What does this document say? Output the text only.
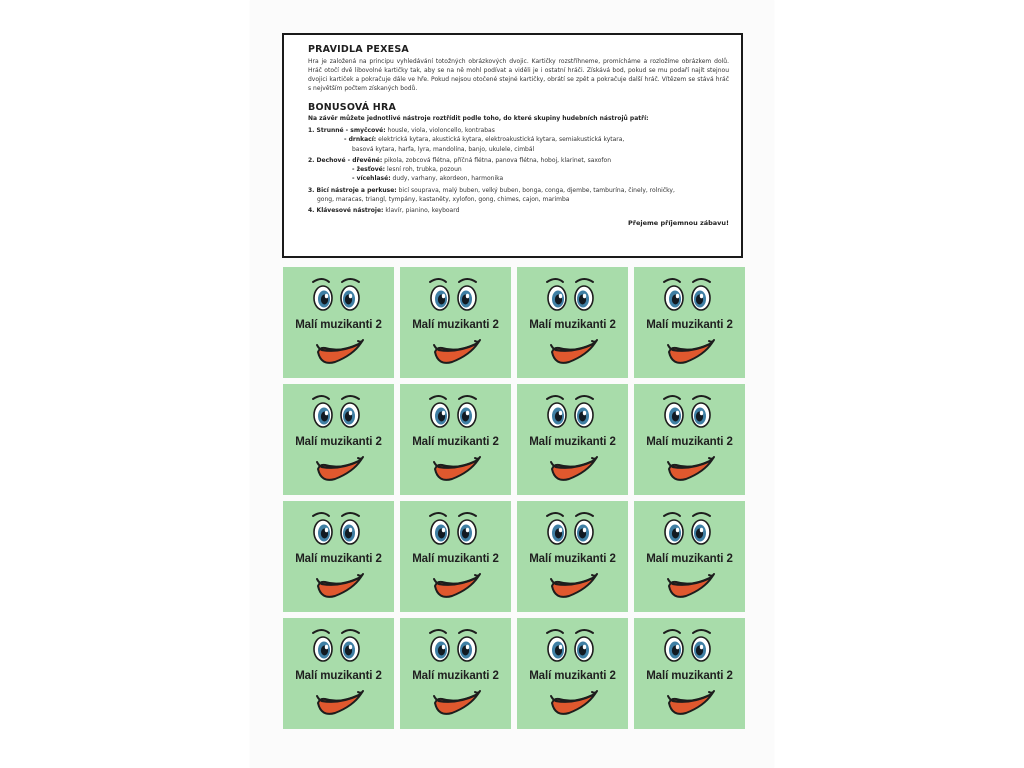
PRAVIDLA PEXESA

Hra je založená na principu vyhledávání totožných obrázkových dvojic. Kartičky rozstříhneme, promícháme a rozložíme obrázkem dolů. Hráč otočí dvě libovolné kartičky tak, aby se na ně mohl podívat a viděli je i ostatní hráči. Získává bod, pokud se mu podaří najít stejnou dvojici kartiček a pokračuje dále ve hře. Pokud nejsou otočené stejné kartičky, obrátí se zpět a pokračuje další hráč. Vítězem se stává hráč s největším počtem získaných bodů.

BONUSOVÁ HRA
Na závěr můžete jednotlivé nástroje roztřídit podle toho, do které skupiny hudebních nástrojů patří:
1. Strunné - smyčcové: housle, viola, violoncello, kontrabas
- drnkací: elektrická kytara, akustická kytara, elektroakustická kytara, semiakustická kytara,
basová kytara, harfa, lyra, mandolína, banjo, ukulele, cimbál
2. Dechové - dřevěné: pikola, zobcová flétna, příčná flétna, panova flétna, hoboj, klarinet, saxofon
- žesťové: lesní roh, trubka, pozoun
- vícehlasé: dudy, varhany, akordeon, harmonika
3. Bicí nástroje a perkuse: bicí souprava, malý buben, velký buben, bonga, conga, djembe, tamburína, činely, rolničky,
gong, maracas, triangl, tympány, kastaněty, xylofon, gong, chimes, cajon, marimba
4. Klávesové nástroje: klavír, pianino, keyboard
Přejeme příjemnou zábavu!
Malí muzikanti 2	Malí muzikanti 2	Malí muzikanti 2	Malí muzikanti 2
Malí muzikanti 2	Malí muzikanti 2	Malí muzikanti 2	Malí muzikanti 2
Malí muzikanti 2	Malí muzikanti 2	Malí muzikanti 2	Malí muzikanti 2
Malí muzikanti 2	Malí muzikanti 2	Malí muzikanti 2	Malí muzikanti 2
